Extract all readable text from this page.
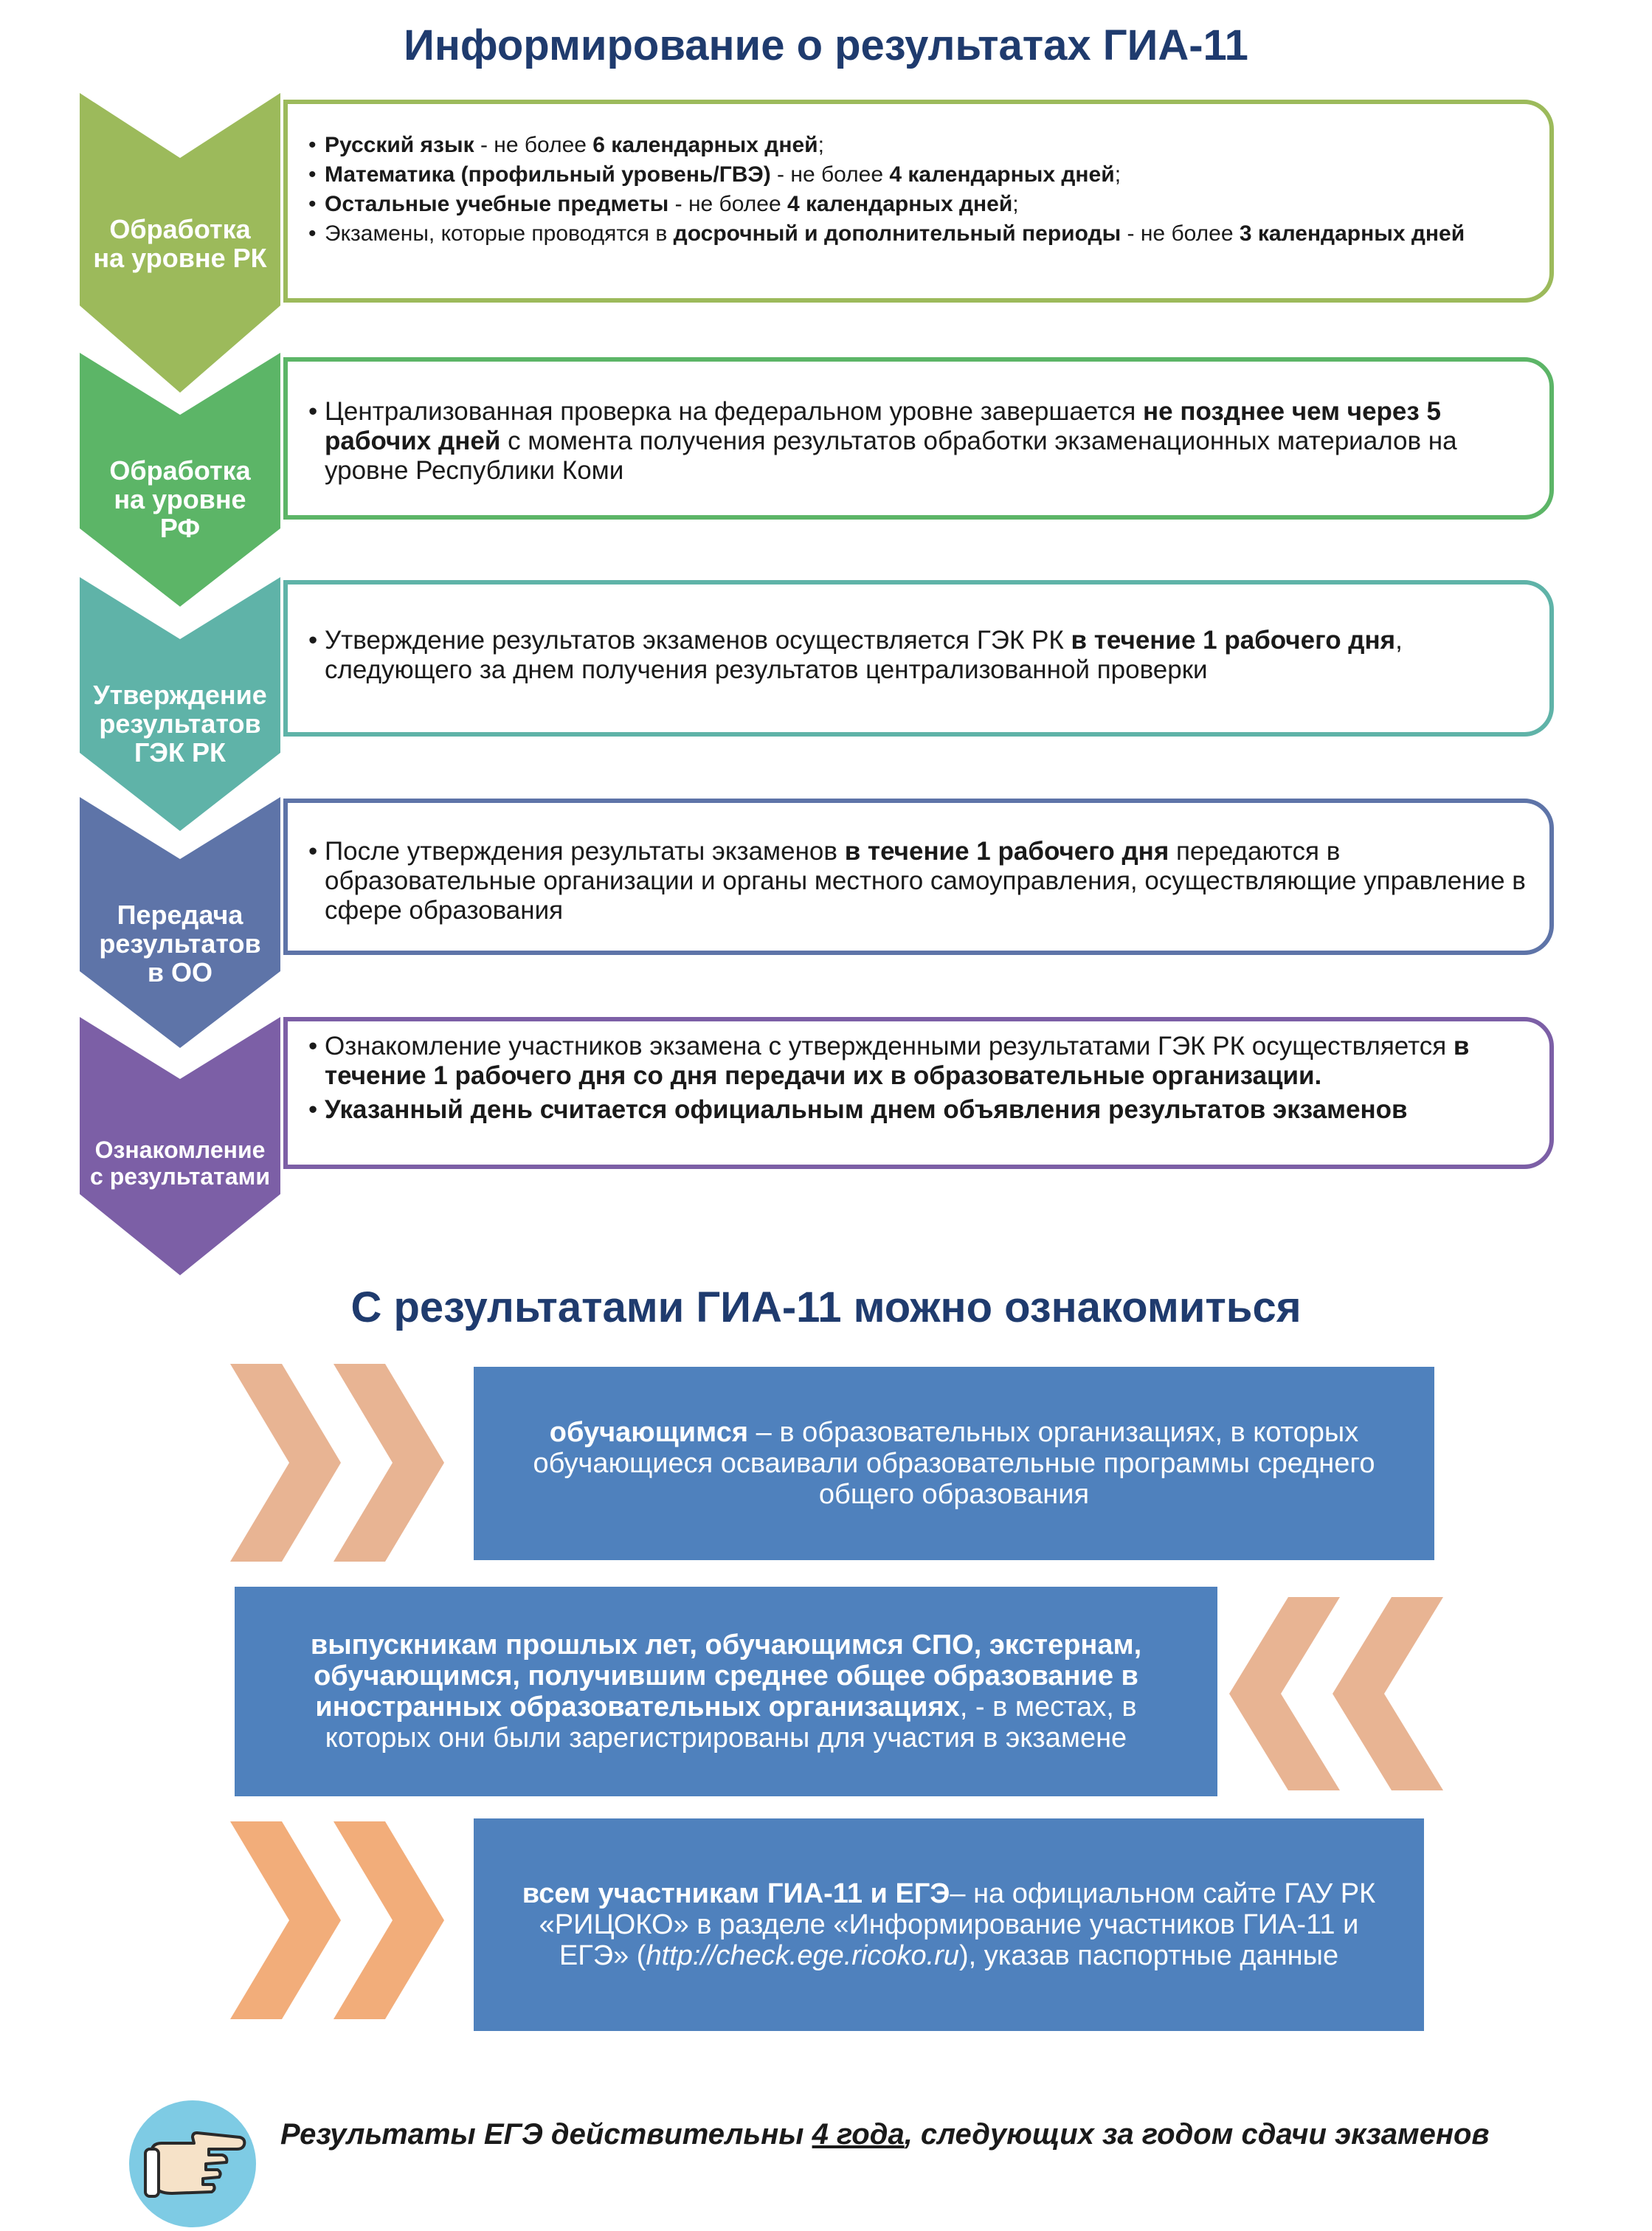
Информирование о результатах ГИА-11
Обработка
на уровне РК
• Русский язык - не более 6 календарных дней;
• Математика (профильный уровень/ГВЭ) - не более 4 календарных дней;
• Остальные учебные предметы - не более 4 календарных дней;
• Экзамены, которые проводятся в досрочный и дополнительный периоды - не более 3 календарных дней
Обработка
на уровне
РФ
• Централизованная проверка на федеральном уровне завершается не позднее чем через 5 рабочих дней с момента получения результатов обработки экзаменационных материалов на уровне Республики Коми
Утверждение
результатов
ГЭК РК
• Утверждение результатов экзаменов осуществляется ГЭК РК в течение 1 рабочего дня, следующего за днем получения результатов централизованной проверки
Передача
результатов
в ОО
• После утверждения результаты экзаменов в течение 1 рабочего дня передаются в образовательные организации и органы местного самоуправления, осуществляющие управление в сфере образования
Ознакомление
с результатами
• Ознакомление участников экзамена с утвержденными результатами ГЭК РК осуществляется в течение 1 рабочего дня со дня передачи их в образовательные организации.
• Указанный день считается официальным днем объявления результатов экзаменов
С результатами ГИА-11 можно ознакомиться
обучающимся – в образовательных организациях, в которых обучающиеся осваивали образовательные программы среднего общего образования
выпускникам прошлых лет, обучающимся СПО, экстернам, обучающимся, получившим среднее общее образование в иностранных образовательных организациях, - в местах, в которых они были зарегистрированы для участия в экзамене
всем участникам ГИА-11 и ЕГЭ– на официальном сайте ГАУ РК «РИЦОКО» в разделе «Информирование участников ГИА-11 и ЕГЭ» (http://check.ege.ricoko.ru), указав паспортные данные
Результаты ЕГЭ действительны 4 года, следующих за годом сдачи экзаменов
